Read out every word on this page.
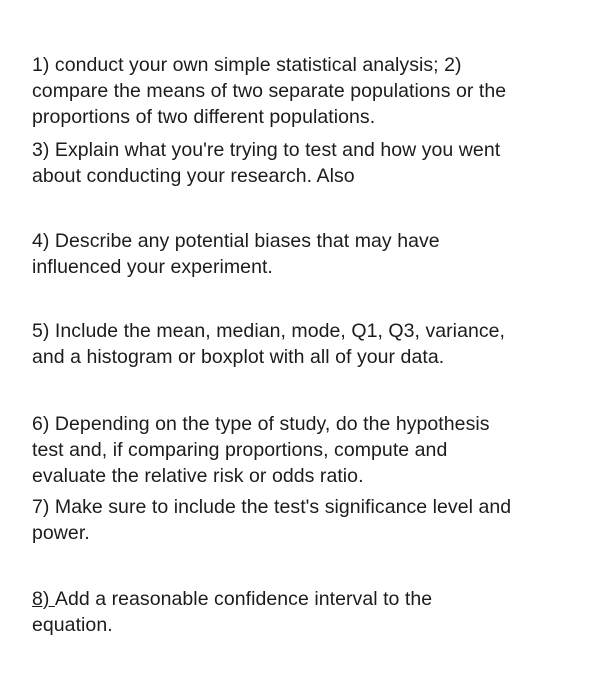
1) conduct your own simple statistical analysis; 2)
compare the means of two separate populations or the
proportions of two different populations.

3) Explain what you're trying to test and how you went
about conducting your research. Also

4) Describe any potential biases that may have
influenced your experiment.

5) Include the mean, median, mode, Q1, Q3, variance,
and a histogram or boxplot with all of your data.

6) Depending on the type of study, do the hypothesis
test and, if comparing proportions, compute and
evaluate the relative risk or odds ratio.

7) Make sure to include the test's significance level and
power.

8) Add a reasonable confidence interval to the
equation.
